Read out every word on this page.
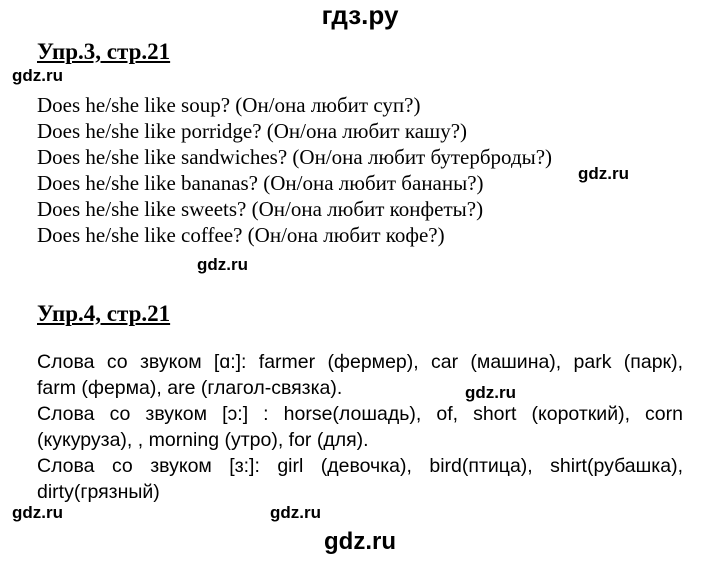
гдз.ру
gdz.ru
gdz.ru
gdz.ru
gdz.ru
gdz.ru	gdz.ru
gdz.ru
Упр.3, стр.21
Does he/she like soup? (Он/она любит суп?)
Does he/she like porridge? (Он/она любит кашу?)
Does he/she like sandwiches? (Он/она любит бутерброды?)
Does he/she like bananas? (Он/она любит бананы?)
Does he/she like sweets? (Он/она любит конфеты?)
Does he/she like coffee? (Он/она любит кофе?)
Упр.4, стр.21
Слова со звуком [ɑ:]: farmer (фермер), car (машина), park (парк),
farm (ферма), are (глагол-связка).
Слова со звуком [ɔ:] : horse(лошадь), of, short (короткий), corn
(кукуруза), , morning (утро), for (для).
Слова со звуком [ɜ:]: girl (девочка), bird(птица), shirt(рубашка),
dirty(грязный)
